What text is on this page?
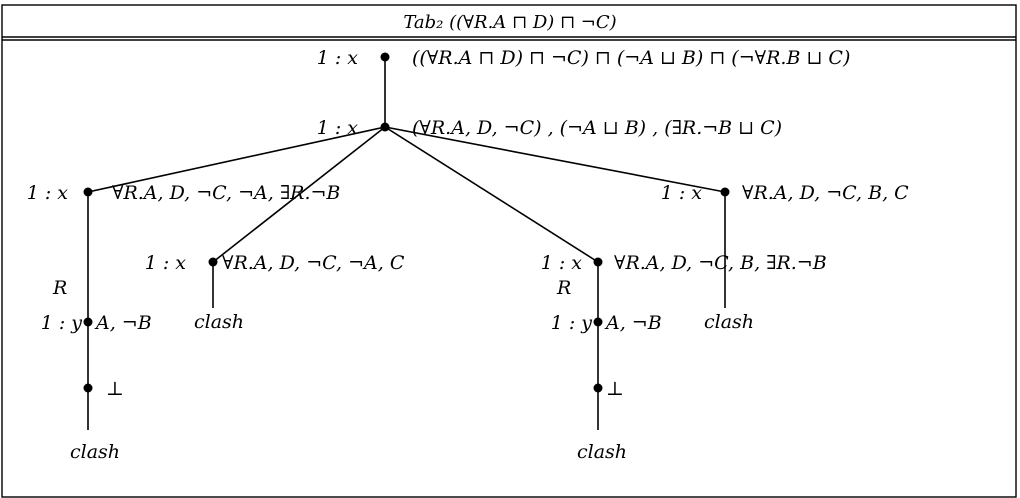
Tab₂ ((∀R.A ⊓ D) ⊓ ¬C)
1 : x
1 : x
1 : x
1 : x	1 : x
1 : x
1 : y	1 : y
R	R
((∀R.A ⊓ D) ⊓ ¬C) ⊓ (¬A ⊔ B) ⊓ (¬∀R.B ⊔ C)
(∀R.A, D, ¬C) , (¬A ⊔ B) , (∃R.¬B ⊔ C)
∀R.A, D, ¬C, ¬A, ∃R.¬B
∀R.A, D, ¬C, ¬A, C	∀R.A, D, ¬C, B, ∃R.¬B
∀R.A, D, ¬C, B, C
A, ¬B	A, ¬B
⊥	⊥
clash	clash
clash	clash
